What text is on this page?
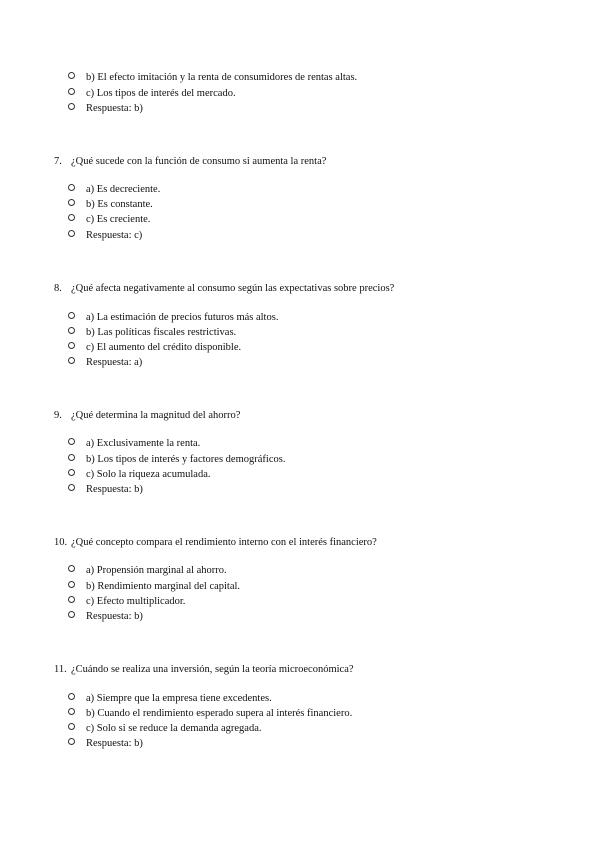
b) El efecto imitación y la renta de consumidores de rentas altas.
c) Los tipos de interés del mercado.
Respuesta: b)
7. ¿Qué sucede con la función de consumo si aumenta la renta?
a) Es decreciente.
b) Es constante.
c) Es creciente.
Respuesta: c)
8. ¿Qué afecta negativamente al consumo según las expectativas sobre precios?
a) La estimación de precios futuros más altos.
b) Las políticas fiscales restrictivas.
c) El aumento del crédito disponible.
Respuesta: a)
9. ¿Qué determina la magnitud del ahorro?
a) Exclusivamente la renta.
b) Los tipos de interés y factores demográficos.
c) Solo la riqueza acumulada.
Respuesta: b)
10. ¿Qué concepto compara el rendimiento interno con el interés financiero?
a) Propensión marginal al ahorro.
b) Rendimiento marginal del capital.
c) Efecto multiplicador.
Respuesta: b)
11. ¿Cuándo se realiza una inversión, según la teoría microeconómica?
a) Siempre que la empresa tiene excedentes.
b) Cuando el rendimiento esperado supera al interés financiero.
c) Solo si se reduce la demanda agregada.
Respuesta: b)
